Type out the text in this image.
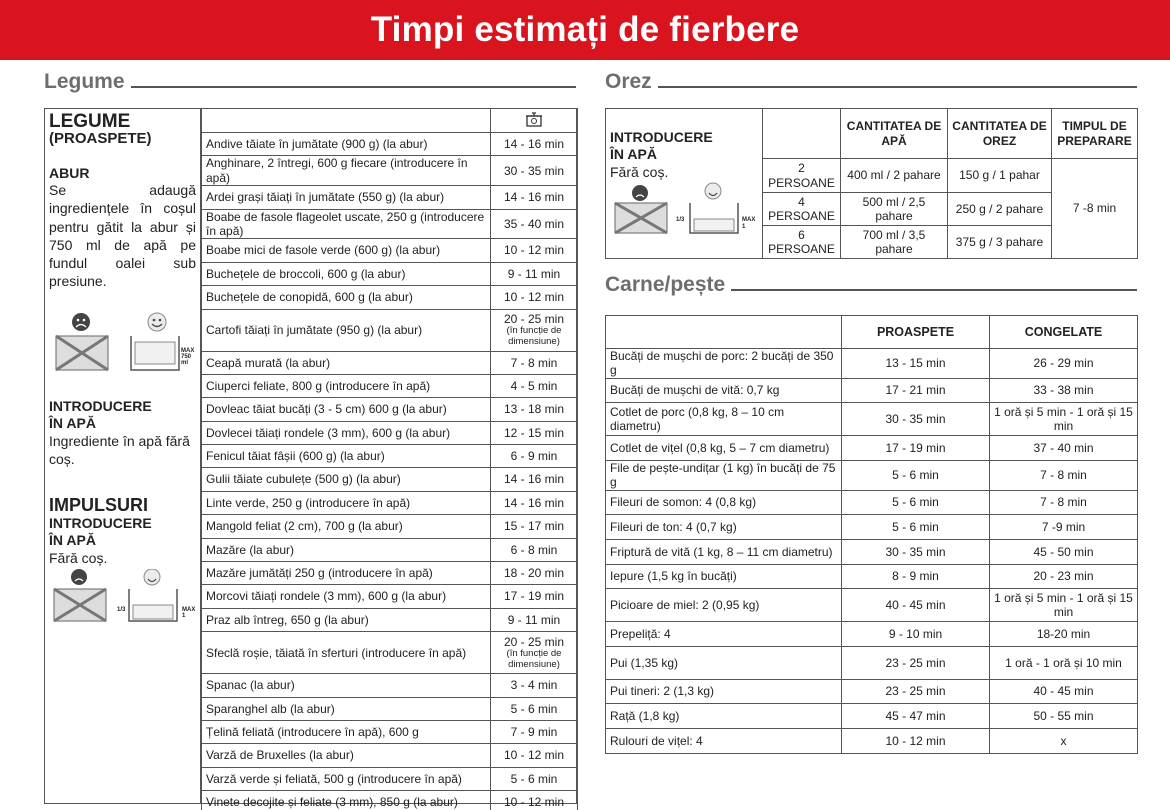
Timpi estimați de fierbere
Legume
LEGUME
(PROASPETE)
ABUR
Se adaugă ingrediențele în coșul pentru gătit la abur și 750 ml de apă pe fundul oalei sub presiune.
MAX
750 ml
INTRODUCERE
ÎN APĂ
Ingrediente în apă fără coș.
IMPULSURI
INTRODUCERE
ÎN APĂ
Fără coș.
1/3	MAX 1

Andive tăiate în jumătate (900 g) (la abur)	14 - 16 min
Anghinare, 2 întregi, 600 g fiecare (introducere în apă)	30 - 35 min
Ardei grași tăiați în jumătate (550 g) (la abur)	14 - 16 min
Boabe de fasole flageolet uscate, 250 g (introducere în apă)	35 - 40 min
Boabe mici de fasole verde (600 g) (la abur)	10 - 12 min
Buchețele de broccoli, 600 g (la abur)	9 - 11 min
Buchețele de conopidă, 600 g (la abur)	10 - 12 min
Cartofi tăiați în jumătate (950 g) (la abur)	20 - 25 min
(în funcție de dimensiune)

Ceapă murată (la abur)	7 - 8 min
Ciuperci feliate, 800 g (introducere în apă)	4 - 5 min
Dovleac tăiat bucăți (3 - 5 cm) 600 g (la abur)	13 - 18 min
Dovlecei tăiați rondele (3 mm), 600 g (la abur)	12 - 15 min
Fenicul tăiat fâșii (600 g) (la abur)	6 - 9 min
Gulii tăiate cubulețe (500 g) (la abur)	14 - 16 min
Linte verde, 250 g (introducere în apă)	14 - 16 min
Mangold feliat (2 cm), 700 g (la abur)	15 - 17 min
Mazăre (la abur)	6 - 8 min
Mazăre jumătăți 250 g (introducere în apă)	18 - 20 min
Morcovi tăiați rondele (3 mm), 600 g (la abur)	17 - 19 min
Praz alb întreg, 650 g (la abur)	9 - 11 min
Sfeclă roșie, tăiată în sferturi (introducere în apă)	20 - 25 min
(în funcție de dimensiune)

Spanac (la abur)	3 - 4 min
Sparanghel alb (la abur)	5 - 6 min
Țelină feliată (introducere în apă), 600 g	7 - 9 min
Varză de Bruxelles (la abur)	10 - 12 min
Varză verde și feliată, 500 g (introducere în apă)	5 - 6 min
Vinete decojite și feliate (3 mm), 850 g (la abur)	10 - 12 min
Orez
INTRODUCERE
ÎN APĂ
Fără coș.
1/3 MAX 1		CANTITATEA DE APĂ	CANTITATEA DE OREZ	TIMPUL DE PREPARARE
	2 PERSOANE	400 ml / 2 pahare	150 g / 1 pahar	7 -8 min
	4 PERSOANE	500 ml / 2,5 pahare	250 g / 2 pahare	
	6 PERSOANE	700 ml / 3,5 pahare	375 g / 3 pahare	
Carne/pește
	PROASPETE	CONGELATE
Bucăți de mușchi de porc: 2 bucăți de 350 g	13 - 15 min	26 - 29 min
Bucăți de mușchi de vită: 0,7 kg	17 - 21 min	33 - 38 min
Cotlet de porc (0,8 kg, 8 – 10 cm diametru)	30 - 35 min	1 oră și 5 min - 1 oră și 15 min
Cotlet de vițel (0,8 kg, 5 – 7 cm diametru)	17 - 19 min	37 - 40 min
File de pește-undițar (1 kg) în bucăți de 75 g	5 - 6 min	7 - 8 min
Fileuri de somon: 4 (0,8 kg)	5 - 6 min	7 - 8 min
Fileuri de ton: 4 (0,7 kg)	5 - 6 min	7 -9 min
Friptură de vită (1 kg, 8 – 11 cm diametru)	30 - 35 min	45 - 50 min
Iepure (1,5 kg în bucăți)	8 - 9 min	20 - 23 min
Picioare de miel: 2 (0,95 kg)	40 - 45 min	1 oră și 5 min - 1 oră și 15 min
Prepeliță: 4	9 - 10 min	18-20 min
Pui (1,35 kg)	23 - 25 min	1 oră - 1 oră și 10 min
Pui tineri: 2 (1,3 kg)	23 - 25 min	40 - 45 min
Rață (1,8 kg)	45 - 47 min	50 - 55 min
Rulouri de vițel: 4	10 - 12 min	x
